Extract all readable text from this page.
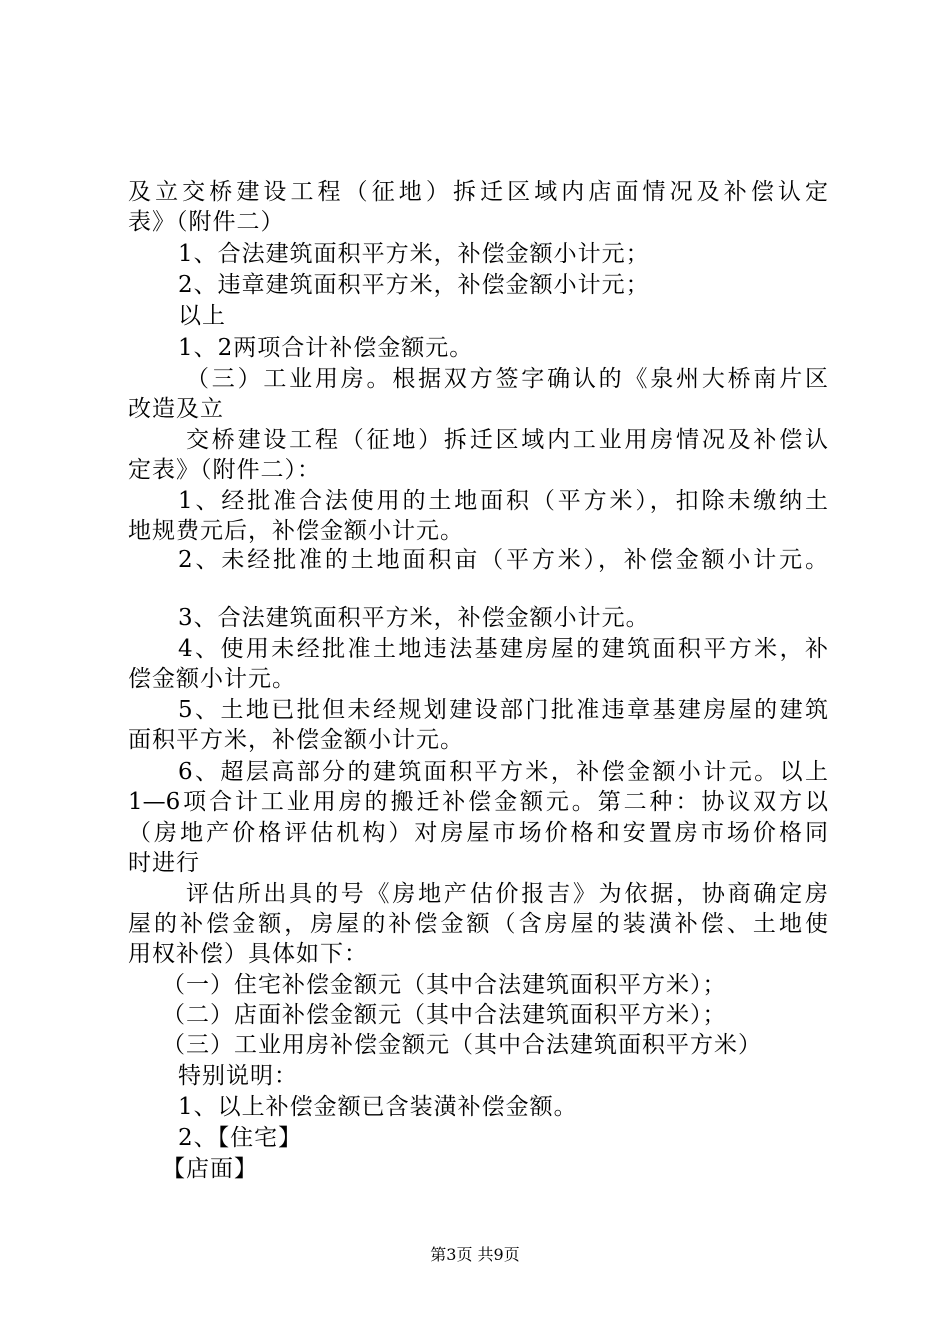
及立交桥建设工程（征地）拆迁区域内店面情况及补偿认定
表》（附件二）
1、合法建筑面积平方米，补偿金额小计元；
2、违章建筑面积平方米，补偿金额小计元；
以上
1、2两项合计补偿金额元。
（三）工业用房。根据双方签字确认的《泉州大桥南片区
改造及立
交桥建设工程（征地）拆迁区域内工业用房情况及补偿认
定表》（附件二）：
1、经批准合法使用的土地面积（平方米），扣除未缴纳土
地规费元后，补偿金额小计元。
2、未经批准的土地面积亩（平方米），补偿金额小计元。
3、合法建筑面积平方米，补偿金额小计元。
4、使用未经批准土地违法基建房屋的建筑面积平方米，补
偿金额小计元。
5、土地已批但未经规划建设部门批准违章基建房屋的建筑
面积平方米，补偿金额小计元。
6、超层高部分的建筑面积平方米，补偿金额小计元。以上
1—6项合计工业用房的搬迁补偿金额元。第二种：协议双方以
（房地产价格评估机构）对房屋市场价格和安置房市场价格同
时进行
评估所出具的号《房地产估价报吉》为依据，协商确定房
屋的补偿金额，房屋的补偿金额（含房屋的装潢补偿、土地使
用权补偿）具体如下：
（一）住宅补偿金额元（其中合法建筑面积平方米）；
（二）店面补偿金额元（其中合法建筑面积平方米）；
（三）工业用房补偿金额元（其中合法建筑面积平方米）
特别说明：
1、以上补偿金额已含装潢补偿金额。
2、【住宅】
【店面】
第3页 共9页
